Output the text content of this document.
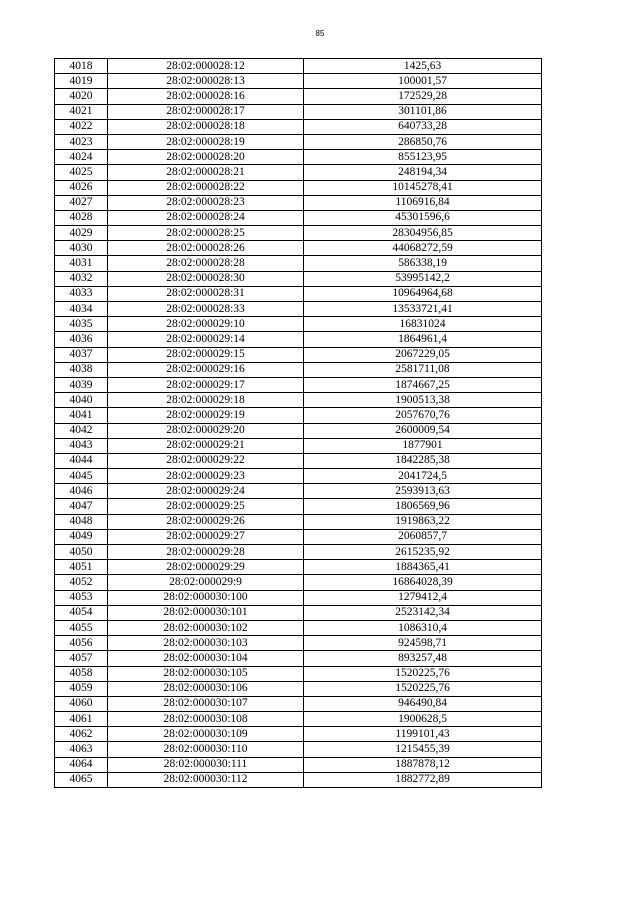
85
4018	28:02:000028:12	1425,63
4019	28:02:000028:13	100001,57
4020	28:02:000028:16	172529,28
4021	28:02:000028:17	301101,86
4022	28:02:000028:18	640733,28
4023	28:02:000028:19	286850,76
4024	28:02:000028:20	855123,95
4025	28:02:000028:21	248194,34
4026	28:02:000028:22	10145278,41
4027	28:02:000028:23	1106916,84
4028	28:02:000028:24	45301596,6
4029	28:02:000028:25	28304956,85
4030	28:02:000028:26	44068272,59
4031	28:02:000028:28	586338,19
4032	28:02:000028:30	53995142,2
4033	28:02:000028:31	10964964,68
4034	28:02:000028:33	13533721,41
4035	28:02:000029:10	16831024
4036	28:02:000029:14	1864961,4
4037	28:02:000029:15	2067229,05
4038	28:02:000029:16	2581711,08
4039	28:02:000029:17	1874667,25
4040	28:02:000029:18	1900513,38
4041	28:02:000029:19	2057670,76
4042	28:02:000029:20	2600009,54
4043	28:02:000029:21	1877901
4044	28:02:000029:22	1842285,38
4045	28:02:000029:23	2041724,5
4046	28:02:000029:24	2593913,63
4047	28:02:000029:25	1806569,96
4048	28:02:000029:26	1919863,22
4049	28:02:000029:27	2060857,7
4050	28:02:000029:28	2615235,92
4051	28:02:000029:29	1884365,41
4052	28:02:000029:9	16864028,39
4053	28:02:000030:100	1279412,4
4054	28:02:000030:101	2523142,34
4055	28:02:000030:102	1086310,4
4056	28:02:000030:103	924598,71
4057	28:02:000030:104	893257,48
4058	28:02:000030:105	1520225,76
4059	28:02:000030:106	1520225,76
4060	28:02:000030:107	946490,84
4061	28:02:000030:108	1900628,5
4062	28:02:000030:109	1199101,43
4063	28:02:000030:110	1215455,39
4064	28:02:000030:111	1887878,12
4065	28:02:000030:112	1882772,89
